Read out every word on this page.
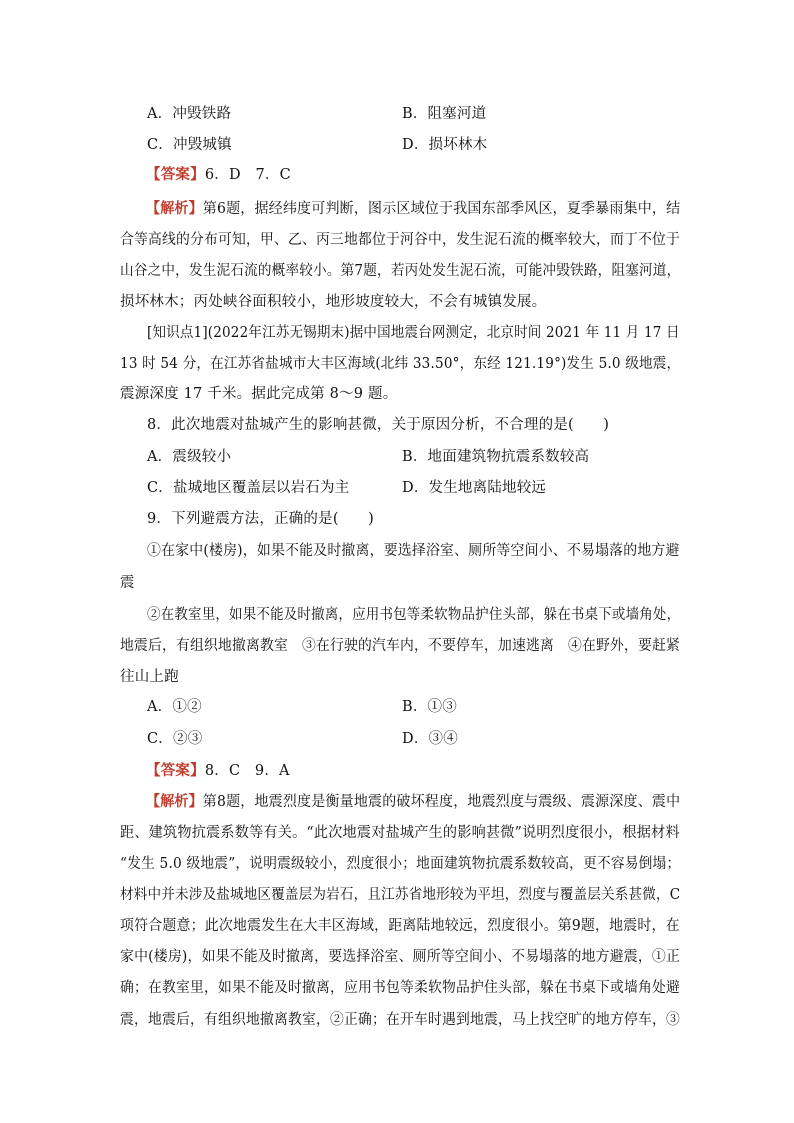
A．冲毁铁路	B．阻塞河道
C．冲毁城镇	D．损坏林木
【答案】6．D　7．C
【解析】第6题，据经纬度可判断，图示区域位于我国东部季风区，夏季暴雨集中，结
合等高线的分布可知，甲、乙、丙三地都位于河谷中，发生泥石流的概率较大，而丁不位于
山谷之中，发生泥石流的概率较小。第7题，若丙处发生泥石流，可能冲毁铁路，阻塞河道，
损坏林木；丙处峡谷面积较小，地形坡度较大，不会有城镇发展。
[知识点1](2022年江苏无锡期末)据中国地震台网测定，北京时间 2021 年 11 月 17 日
13 时 54 分，在江苏省盐城市大丰区海域(北纬 33.50°，东经 121.19°)发生 5.0 级地震，
震源深度 17 千米。据此完成第 8～9 题。
8．此次地震对盐城产生的影响甚微，关于原因分析，不合理的是(　　)
A．震级较小	B．地面建筑物抗震系数较高
C．盐城地区覆盖层以岩石为主	D．发生地离陆地较远
9．下列避震方法，正确的是(　　)
①在家中(楼房)，如果不能及时撤离，要选择浴室、厕所等空间小、不易塌落的地方避
震
②在教室里，如果不能及时撤离，应用书包等柔软物品护住头部，躲在书桌下或墙角处，
地震后，有组织地撤离教室　③在行驶的汽车内，不要停车，加速逃离　④在野外，要赶紧
往山上跑
A．①②	B．①③
C．②③	D．③④
【答案】8．C　9．A
【解析】第8题，地震烈度是衡量地震的破坏程度，地震烈度与震级、震源深度、震中
距、建筑物抗震系数等有关。“此次地震对盐城产生的影响甚微”说明烈度很小，根据材料
“发生 5.0 级地震”，说明震级较小，烈度很小；地面建筑物抗震系数较高，更不容易倒塌；
材料中并未涉及盐城地区覆盖层为岩石，且江苏省地形较为平坦，烈度与覆盖层关系甚微，C
项符合题意；此次地震发生在大丰区海域，距离陆地较远，烈度很小。第9题，地震时，在
家中(楼房)，如果不能及时撤离，要选择浴室、厕所等空间小、不易塌落的地方避震，①正
确；在教室里，如果不能及时撤离，应用书包等柔软物品护住头部，躲在书桌下或墙角处避
震，地震后，有组织地撤离教室，②正确；在开车时遇到地震，马上找空旷的地方停车，③
